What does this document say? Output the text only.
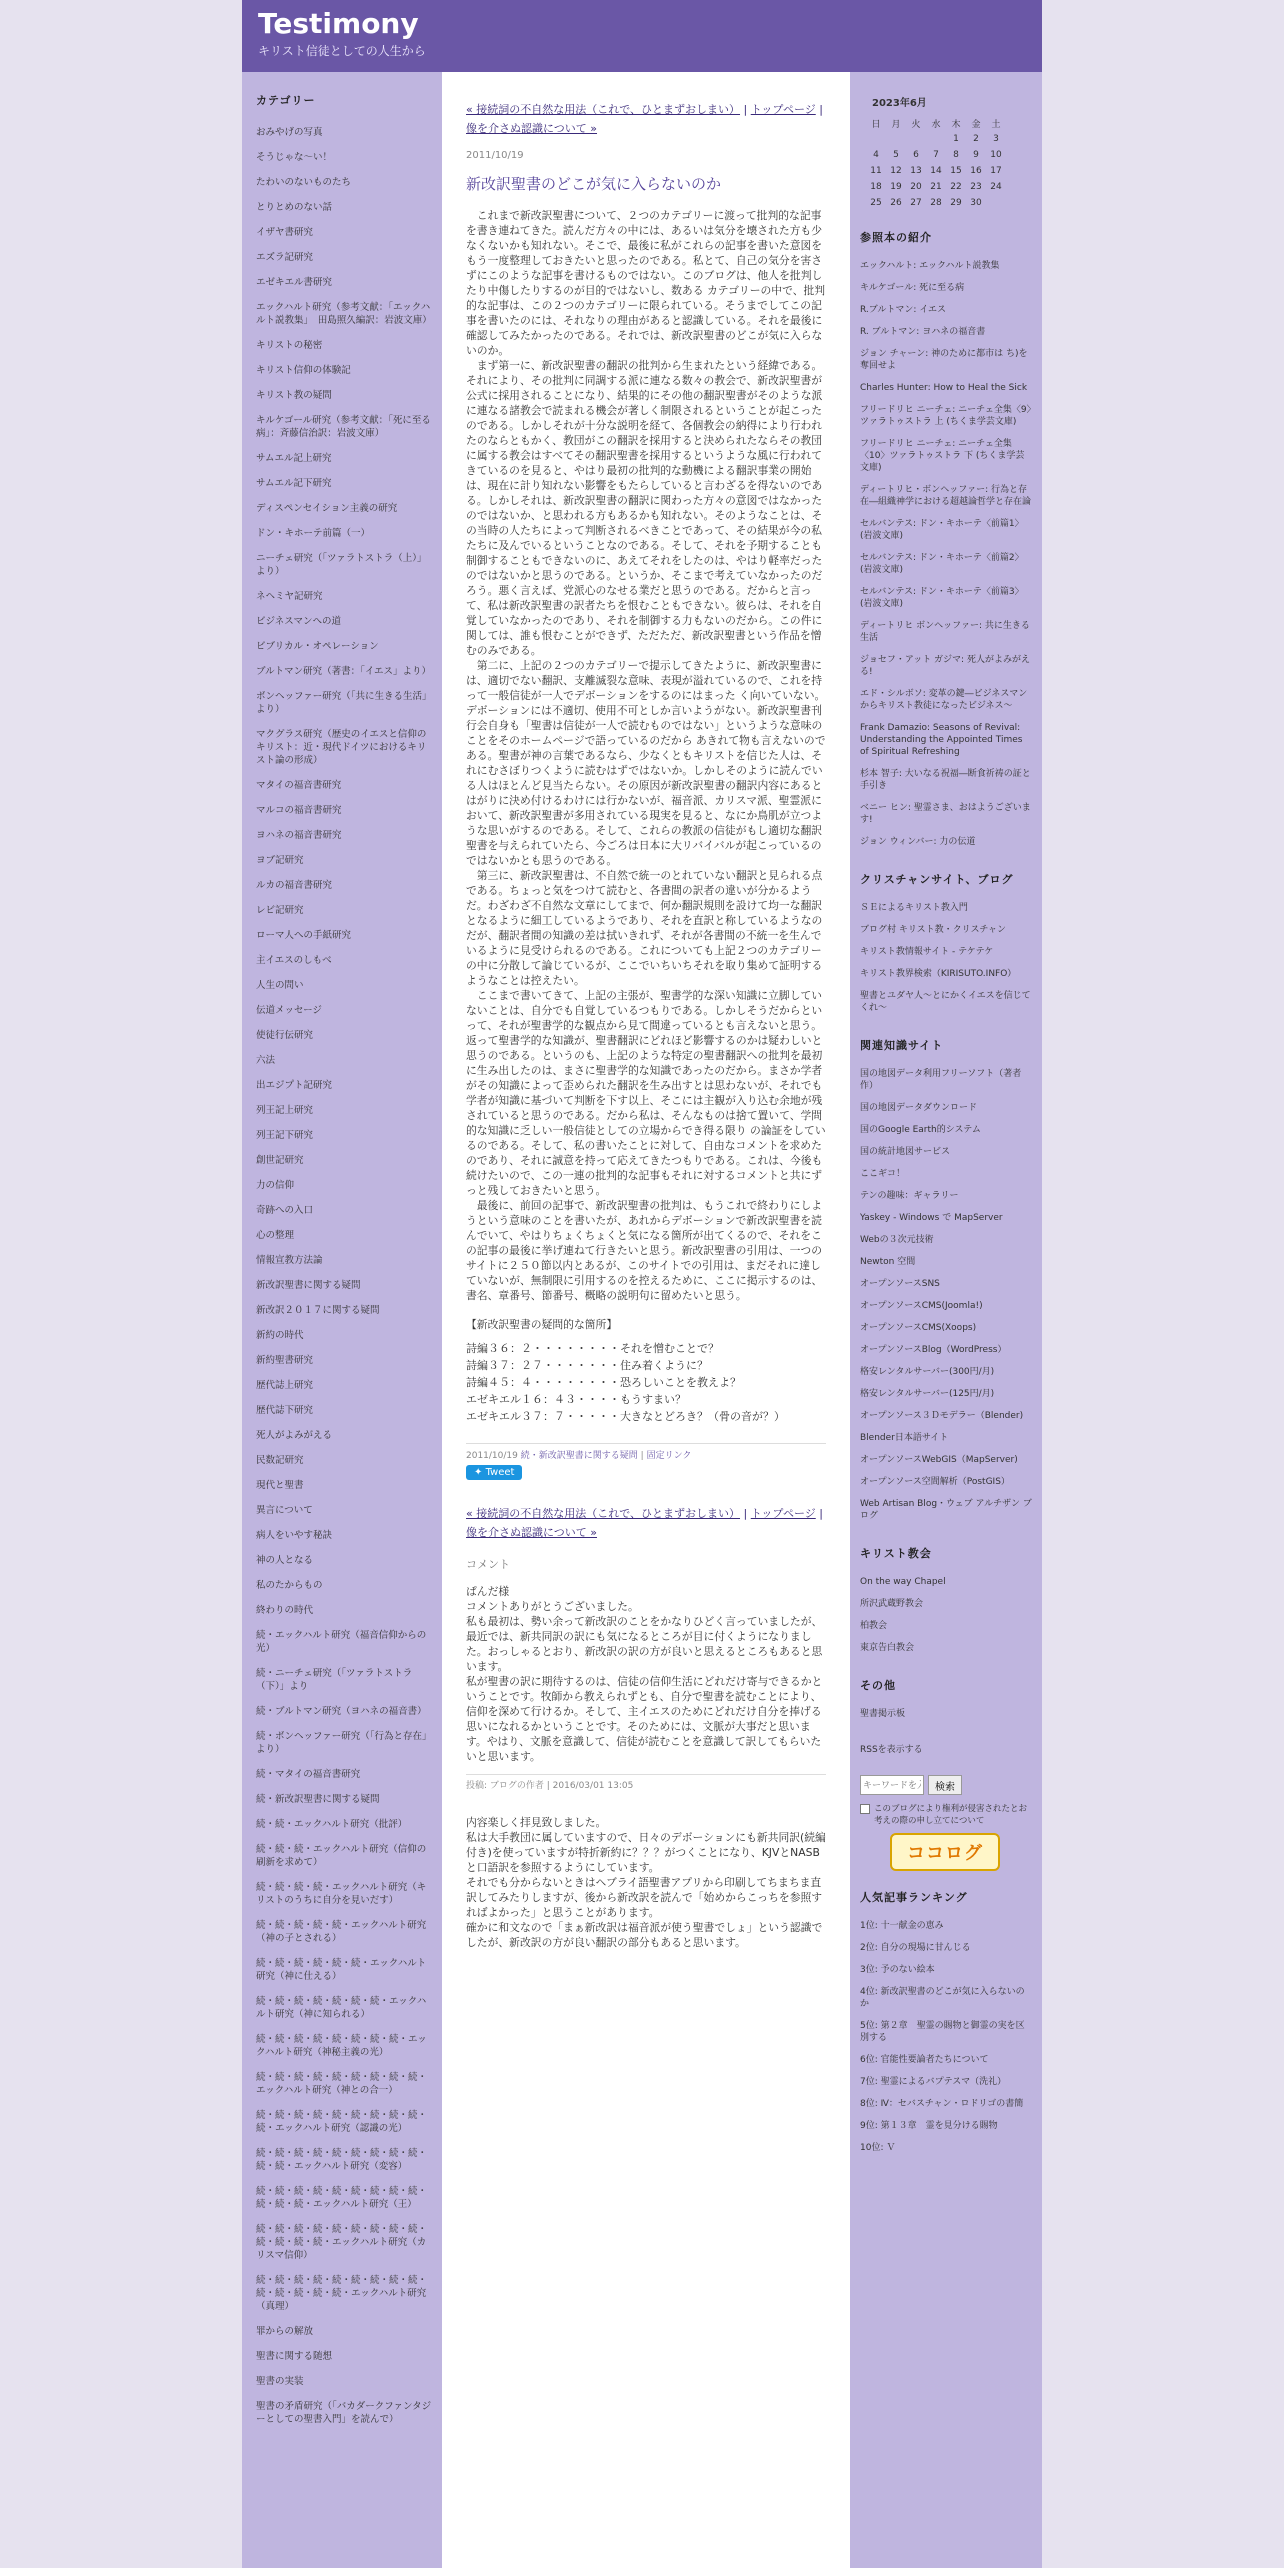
Testimony
キリスト信徒としての人生から
カテゴリー
おみやげの写真
そうじゃな～い！
たわいのないものたち
とりとめのない話
イザヤ書研究
エズラ記研究
エゼキエル書研究
エックハルト研究（参考文献：「エックハルト説教集」　田島照久編訳：岩波文庫）
キリストの秘密
キリスト信仰の体験記
キリスト教の疑問
キルケゴール研究（参考文献：「死に至る病」：斉藤信治訳：岩波文庫）
サムエル記上研究
サムエル記下研究
ディスペンセイション主義の研究
ドン・キホーテ前篇（一）
ニーチェ研究（「ツァラトストラ（上）」より）
ネヘミヤ記研究
ビジネスマンへの道
ビブリカル・オペレーション
ブルトマン研究（著書：「イエス」より）
ボンヘッファー研究（「共に生きる生活」より）
マクグラス研究（歴史のイエスと信仰のキリスト：近・現代ドイツにおけるキリスト論の形成）
マタイの福音書研究
マルコの福音書研究
ヨハネの福音書研究
ヨブ記研究
ルカの福音書研究
レビ記研究
ローマ人への手紙研究
主イエスのしもべ
人生の問い
伝道メッセージ
使徒行伝研究
六法
出エジプト記研究
列王記上研究
列王記下研究
創世記研究
力の信仰
奇跡への入口
心の整理
情報宣教方法論
新改訳聖書に関する疑問
新改訳２０１７に関する疑問
新約の時代
新約聖書研究
歴代誌上研究
歴代誌下研究
死人がよみがえる
民数記研究
現代と聖書
異言について
病人をいやす秘訣
神の人となる
私のたからもの
終わりの時代
続・エックハルト研究（福音信仰からの光）
続・ニーチェ研究（「ツァラトストラ（下）」より
続・ブルトマン研究（ヨハネの福音書）
続・ボンヘッファー研究（「行為と存在」より）
続・マタイの福音書研究
続・新改訳聖書に関する疑問
続・続・エックハルト研究（批評）
続・続・続・エックハルト研究（信仰の刷新を求めて）
続・続・続・続・エックハルト研究（キリストのうちに自分を見いだす）
続・続・続・続・続・エックハルト研究（神の子とされる）
続・続・続・続・続・続・エックハルト研究（神に仕える）
続・続・続・続・続・続・続・エックハルト研究（神に知られる）
続・続・続・続・続・続・続・続・エックハルト研究（神秘主義の光）
続・続・続・続・続・続・続・続・続・エックハルト研究（神との合一）
続・続・続・続・続・続・続・続・続・続・エックハルト研究（認識の光）
続・続・続・続・続・続・続・続・続・続・続・エックハルト研究（変容）
続・続・続・続・続・続・続・続・続・続・続・続・エックハルト研究（王）
続・続・続・続・続・続・続・続・続・続・続・続・続・エックハルト研究（カリスマ信仰）
続・続・続・続・続・続・続・続・続・続・続・続・続・続・エックハルト研究（真理）
罪からの解放
聖書に関する随想
聖書の実装
聖書の矛盾研究（「バカダークファンタジーとしての聖書入門」を読んで）
« 接続詞の不自然な用法（これで、ひとまずおしまい） | トップページ | 像を介さぬ認識について »
2011/10/19
新改訳聖書のどこが気に入らないのか

これまで新改訳聖書について、２つのカテゴリーに渡って批判的な記事を書き連ねてきた。読んだ方々の中には、あるいは気分を壊された方も少なくないかも知れない。そこで、最後に私がこれらの記事を書いた意図をもう一度整理しておきたいと思ったのである。私とて、自己の気分を害さずにこのような記事を書けるものではない。このブログは、他人を批判したり中傷したりするのが目的ではないし、数ある カテゴリーの中で、批判的な記事は、この２つのカテゴリーに限られている。そうまでしてこの記事を書いたのには、それなりの理由があると認識している。それを最後に確認してみたかったのである。それでは、新改訳聖書のどこが気に入らないのか。

まず第一に、新改訳聖書の翻訳の批判から生まれたという経緯である。それにより、その批判に同調する派に連なる数々の教会で、新改訳聖書が公式に採用されることになり、結果的にその他の翻訳聖書がそのような派に連なる諸教会で読まれる機会が著しく制限されるということが起こったのである。しかしそれが十分な説明を経て、各個教会の納得により行われたのならともかく、教団がこの翻訳を採用すると決められたならその教団に属する教会はすべてその翻訳聖書を採用するというような風に行われてきているのを見ると、やはり最初の批判的な動機による翻訳事業の開始は、現在に計り知れない影響をもたらしていると言わざるを得ないのである。しかしそれは、新改訳聖書の翻訳に関わった方々の意図ではなかったのではないか、と思われる方もあるかも知れない。そのようなことは、その当時の人たちによって判断されるべきことであって、その結果が今の私たちに及んでいるということなのである。そして、それを予期することも制御することもできないのに、あえてそれをしたのは、やはり軽率だったのではないかと思うのである。というか、そこまで考えていなかったのだろう。悪く言えば、党派心のなせる業だと思うのである。だからと言って、私は新改訳聖書の訳者たちを恨むこともできない。彼らは、それを自覚していなかったのであり、それを制御する力もないのだから。この件に関しては、誰も恨むことができず、ただただ、新改訳聖書という作品を憎むのみである。

第二に、上記の２つのカテゴリーで提示してきたように、新改訳聖書には、適切でない翻訳、支離滅裂な意味、表現が溢れているので、これを持って一般信徒が一人でデボーションをするのにはまった く向いていない。デボーションには不適切、使用不可としか言いようがない。新改訳聖書刊行会自身も「聖書は信徒が一人で読むものではない」というような意味のことをそのホームページで語っているのだから あきれて物も言えないのである。聖書が神の言葉であるなら、少なくともキリストを信じた人は、それにむさぼりつくように読むはずではないか。しかしそのように読んでいる人はほとんど見当たらない。その原因が新改訳聖書の翻訳内容にあるとはがりに決め付けるわけには行かないが、福音派、カリスマ派、聖霊派において、新改訳聖書が多用されている現実を見ると、なにか鳥肌が立つような思いがするのである。そして、これらの教派の信徒がもし適切な翻訳聖書を与えられていたら、今ごろは日本に大リバイバルが起こっているのではないかとも思うのである。

第三に、新改訳聖書は、不自然で統一のとれていない翻訳と見られる点である。ちょっと気をつけて読むと、各書間の訳者の違いが分かるようだ。わざわざ不自然な文章にしてまで、何か翻訳規則を設けて均一な翻訳となるように細工しているようであり、それを直訳と称しているようなのだが、翻訳者間の知識の差は拭いきれず、それが各書間の不統一を生んでいるように見受けられるのである。これについても上記２つのカテゴリーの中に分散して論じているが、ここでいちいちそれを取り集めて証明するようなことは控えたい。

ここまで書いてきて、上記の主張が、聖書学的な深い知識に立脚していないことは、自分でも自覚しているつもりである。しかしそうだからといって、それが聖書学的な観点から見て間違っているとも言えないと思う。返って聖書学的な知識が、聖書翻訳にどれほど影響するのかは疑わしいと思うのである。というのも、上記のような特定の聖書翻訳への批判を最初に生み出したのは、まさに聖書学的な知識であったのだから。まさか学者がその知識によって歪められた翻訳を生み出すとは思わないが、それでも学者が知識に基づいて判断を下す以上、そこには主観が入り込む余地が残されていると思うのである。だから私は、そんなものは捨て置いて、学問的な知識に乏しい一般信徒としての立場からでき得る限り の論証をしているのである。そして、私の書いたことに対して、自由なコメントを求めたのであり、それに誠意を持って応えてきたつもりである。これは、今後も続けたいので、この一連の批判的な記事もそれに対するコメントと共にずっと残しておきたいと思う。

最後に、前回の記事で、新改訳聖書の批判は、もうこれで終わりにしようという意味のことを書いたが、あれからデボーションで新改訳聖書を読んでいて、やはりちょくちょくと気になる箇所が出てくるので、それをこの記事の最後に挙げ連ねて行きたいと思う。新改訳聖書の引用は、一つのサイトに２５０節以内とあるが、このサイトでの引用は、まだそれに達していないが、無制限に引用するのを控えるために、ここに掲示するのは、書名、章番号、節番号、概略の説明句に留めたいと思う。

【新改訳聖書の疑問的な箇所】

詩編３６：２・・・・・・・・それを憎むことで？
詩編３７：２７・・・・・・・住み着くように？
詩編４５：４・・・・・・・・恐ろしいことを教えよ？
エゼキエル１６：４３・・・・もうすまい？
エゼキエル３７：７・・・・・大きなとどろき？（骨の音が？）
2011/10/19 続・新改訳聖書に関する疑問 | 固定リンク
✦ Tweet
« 接続詞の不自然な用法（これで、ひとまずおしまい） | トップページ | 像を介さぬ認識について »
コメント

ぱんだ様

コメントありがとうございました。

私も最初は、勢い余って新改訳のことをかなりひどく言っていましたが、最近では、新共同訳の訳にも気になるところが目に付くようになりました。おっしゃるとおり、新改訳の訳の方が良いと思えるところもあると思います。

私が聖書の訳に期待するのは、信徒の信仰生活にどれだけ寄与できるかということです。牧師から教えられずとも、自分で聖書を読むことにより、信仰を深めて行けるか。そして、主イエスのためにどれだけ自分を捧げる思いになれるかということです。そのためには、文脈が大事だと思います。やはり、文脈を意識して、信徒が読むことを意識して訳してもらいたいと思います。

投稿: ブログの作者 | 2016/03/01 13:05

内容楽しく拝見致しました。

私は大手教団に属していますので、日々のデボーションにも新共同訳(続編付き)を使っていますが特折新約に？？？がつくことになり、KJVとNASBと口語訳を参照するようにしています。

それでも分からないときはヘブライ語聖書アプリから印刷してちまちま直訳してみたりしますが、後から新改訳を読んで「始めからこっちを参照すればよかった」と思うことがあります。

確かに和文なので「まぁ新改訳は福音派が使う聖書でしょ」という認識でしたが、新改訳の方が良い翻訳の部分もあると思います。

2023年6月
日	月	火	水	木	金	土
				1	2	3
4	5	6	7	8	9	10
11	12	13	14	15	16	17
18	19	20	21	22	23	24
25	26	27	28	29	30	
参照本の紹介
エックハルト: エックハルト説教集
キルケゴール: 死に至る病
R.ブルトマン: イエス
R. ブルトマン: ヨハネの福音書
ジョン チャーン: 神のために都市は ち)を奪回せよ
Charles Hunter: How to Heal the Sick
フリードリヒ ニーチェ: ニーチェ全集〈9〉ツァラトゥストラ 上 (ちくま学芸文庫)
フリードリヒ ニーチェ: ニーチェ全集〈10〉ツァラトゥストラ 下 (ちくま学芸文庫)
ディートリヒ・ボンヘッファー: 行為と存在―組織神学における超越論哲学と存在論
セルバンテス: ドン・キホーテ〈前篇1〉(岩波文庫)
セルバンテス: ドン・キホーテ〈前篇2〉(岩波文庫)
セルバンテス: ドン・キホーテ〈前篇3〉(岩波文庫)
ディートリヒ ボンヘッファー: 共に生きる生活
ジョセフ・アット ガジマ: 死人がよみがえる!
エド・シルボソ: 変革の鍵―ビジネスマンからキリスト教徒になったビジネス～
Frank Damazio: Seasons of Revival: Understanding the Appointed Times of Spiritual Refreshing
杉本 智子: 大いなる祝福―断食祈祷の証と手引き
ベニー ヒン: 聖霊さま、おはようございます!
ジョン ウィンバー: 力の伝道
クリスチャンサイト、ブログ
ＳＥによるキリスト教入門
ブログ村 キリスト教・クリスチャン
キリスト教情報サイト - テケテケ
キリスト教界検索（KIRISUTO.INFO）
聖書とユダヤ人～とにかくイエスを信じてくれ～
関連知識サイト
国の地図データ利用フリーソフト（著者作）
国の地図データダウンロード
国のGoogle Earth的システム
国の統計地図サービス
ここギコ！
テンの趣味：ギャラリー
Yaskey - Windows で MapServer
Webの３次元技術
Newton 空間
オープンソースSNS
オープンソースCMS(Joomla!)
オープンソースCMS(Xoops)
オープンソースBlog（WordPress）
格安レンタルサーバー(300円/月)
格安レンタルサーバー(125円/月)
オープンソース３Ｄモデラー（Blender)
Blender日本語サイト
オープンソースWebGIS（MapServer)
オープンソース空間解析（PostGIS）
Web Artisan Blog・ウェブ アルチザン ブログ
キリスト教会
On the way Chapel
所沢武蔵野教会
柏教会
東京告白教会
その他
聖書掲示板
RSSを表示する
キーワードを入力
検索
このブログにより権利が侵害されたとお考えの際の申し立てについて
ココログ
人気記事ランキング
1位: 十一献金の恵み
2位: 自分の現場に甘んじる
3位: 予のない絵本
4位: 新改訳聖書のどこが気に入らないのか
5位: 第２章　聖霊の賜物と御霊の実を区別する
6位: 官能性要論者たちについて
7位: 聖霊によるバプテスマ（洗礼）
8位: Ⅳ：セバスチャン・ロドリゴの書簡
9位: 第１３章　霊を見分ける賜物
10位: Ｖ
